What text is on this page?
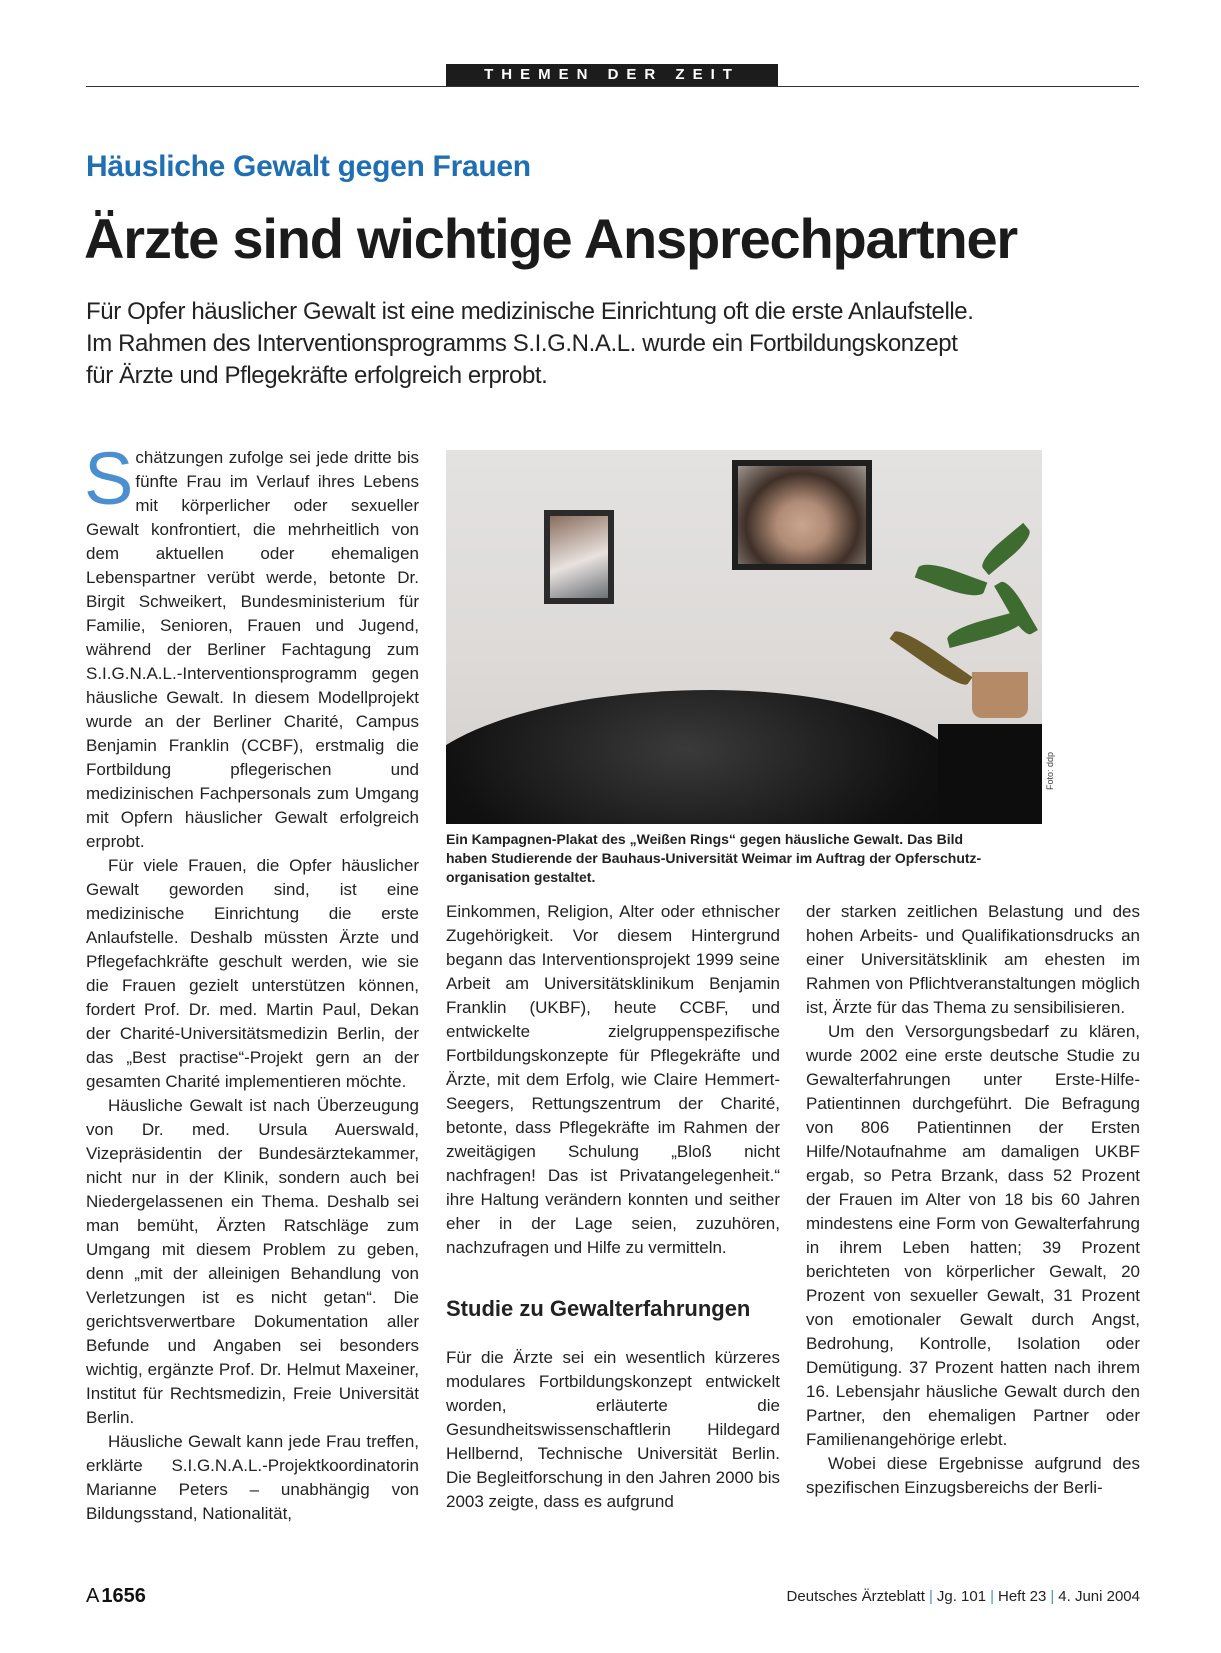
THEMEN DER ZEIT
Häusliche Gewalt gegen Frauen
Ärzte sind wichtige Ansprechpartner
Für Opfer häuslicher Gewalt ist eine medizinische Einrichtung oft die erste Anlaufstelle.
Im Rahmen des Interventionsprogramms S.I.G.N.A.L. wurde ein Fortbildungskonzept
für Ärzte und Pflegekräfte erfolgreich erprobt.

Schätzungen zufolge sei jede dritte bis fünfte Frau im Verlauf ihres Lebens mit körperlicher oder sexueller Gewalt konfrontiert, die mehrheitlich von dem aktuellen oder ehemaligen Lebenspartner verübt werde, betonte Dr. Birgit Schweikert, Bundesministerium für Familie, Senioren, Frauen und Jugend, während der Berliner Fachtagung zum S.I.G.N.A.L.-Interventionsprogramm gegen häusliche Gewalt. In diesem Modellprojekt wurde an der Berliner Charité, Campus Benjamin Franklin (CCBF), erstmalig die Fortbildung pflegerischen und medizinischen Fachpersonals zum Umgang mit Opfern häuslicher Gewalt erfolgreich erprobt.

Für viele Frauen, die Opfer häuslicher Gewalt geworden sind, ist eine medizinische Einrichtung die erste Anlaufstelle. Deshalb müssten Ärzte und Pflegefachkräfte geschult werden, wie sie die Frauen gezielt unterstützen können, fordert Prof. Dr. med. Martin Paul, Dekan der Charité-Universitätsmedizin Berlin, der das „Best practise“-Projekt gern an der gesamten Charité implementieren möchte.

Häusliche Gewalt ist nach Überzeugung von Dr. med. Ursula Auerswald, Vizepräsidentin der Bundesärztekammer, nicht nur in der Klinik, sondern auch bei Niedergelassenen ein Thema. Deshalb sei man bemüht, Ärzten Ratschläge zum Umgang mit diesem Problem zu geben, denn „mit der alleinigen Behandlung von Verletzungen ist es nicht getan“. Die gerichtsverwertbare Dokumentation aller Befunde und Angaben sei besonders wichtig, ergänzte Prof. Dr. Helmut Maxeiner, Institut für Rechtsmedizin, Freie Universität Berlin.

Häusliche Gewalt kann jede Frau treffen, erklärte S.I.G.N.A.L.-Projektkoordinatorin Marianne Peters – unabhängig von Bildungsstand, Nationalität,

Foto: ddp
Ein Kampagnen-Plakat des „Weißen Rings“ gegen häusliche Gewalt. Das Bild
haben Studierende der Bauhaus-Universität Weimar im Auftrag der Opferschutz-
organisation gestaltet.

Einkommen, Religion, Alter oder ethnischer Zugehörigkeit. Vor diesem Hintergrund begann das Interventionsprojekt 1999 seine Arbeit am Universitätsklinikum Benjamin Franklin (UKBF), heute CCBF, und entwickelte zielgruppenspezifische Fortbildungskonzepte für Pflegekräfte und Ärzte, mit dem Erfolg, wie Claire Hemmert-Seegers, Rettungszentrum der Charité, betonte, dass Pflegekräfte im Rahmen der zweitägigen Schulung „Bloß nicht nachfragen! Das ist Privatangelegenheit.“ ihre Haltung verändern konnten und seither eher in der Lage seien, zuzuhören, nachzufragen und Hilfe zu vermitteln.

Studie zu Gewalterfahrungen

Für die Ärzte sei ein wesentlich kürzeres modulares Fortbildungskonzept entwickelt worden, erläuterte die Gesundheitswissenschaftlerin Hildegard Hellbernd, Technische Universität Berlin. Die Begleitforschung in den Jahren 2000 bis 2003 zeigte, dass es aufgrund

der starken zeitlichen Belastung und des hohen Arbeits- und Qualifikationsdrucks an einer Universitätsklinik am ehesten im Rahmen von Pflichtveranstaltungen möglich ist, Ärzte für das Thema zu sensibilisieren.

Um den Versorgungsbedarf zu klären, wurde 2002 eine erste deutsche Studie zu Gewalterfahrungen unter Erste-Hilfe-Patientinnen durchgeführt. Die Befragung von 806 Patientinnen der Ersten Hilfe/Notaufnahme am damaligen UKBF ergab, so Petra Brzank, dass 52 Prozent der Frauen im Alter von 18 bis 60 Jahren mindestens eine Form von Gewalterfahrung in ihrem Leben hatten; 39 Prozent berichteten von körperlicher Gewalt, 20 Prozent von sexueller Gewalt, 31 Prozent von emotionaler Gewalt durch Angst, Bedrohung, Kontrolle, Isolation oder Demütigung. 37 Prozent hatten nach ihrem 16. Lebensjahr häusliche Gewalt durch den Partner, den ehemaligen Partner oder Familienangehörige erlebt.

Wobei diese Ergebnisse aufgrund des spezifischen Einzugsbereichs der Berli-

A 1656	Deutsches Ärzteblatt | Jg. 101 | Heft 23 | 4. Juni 2004
